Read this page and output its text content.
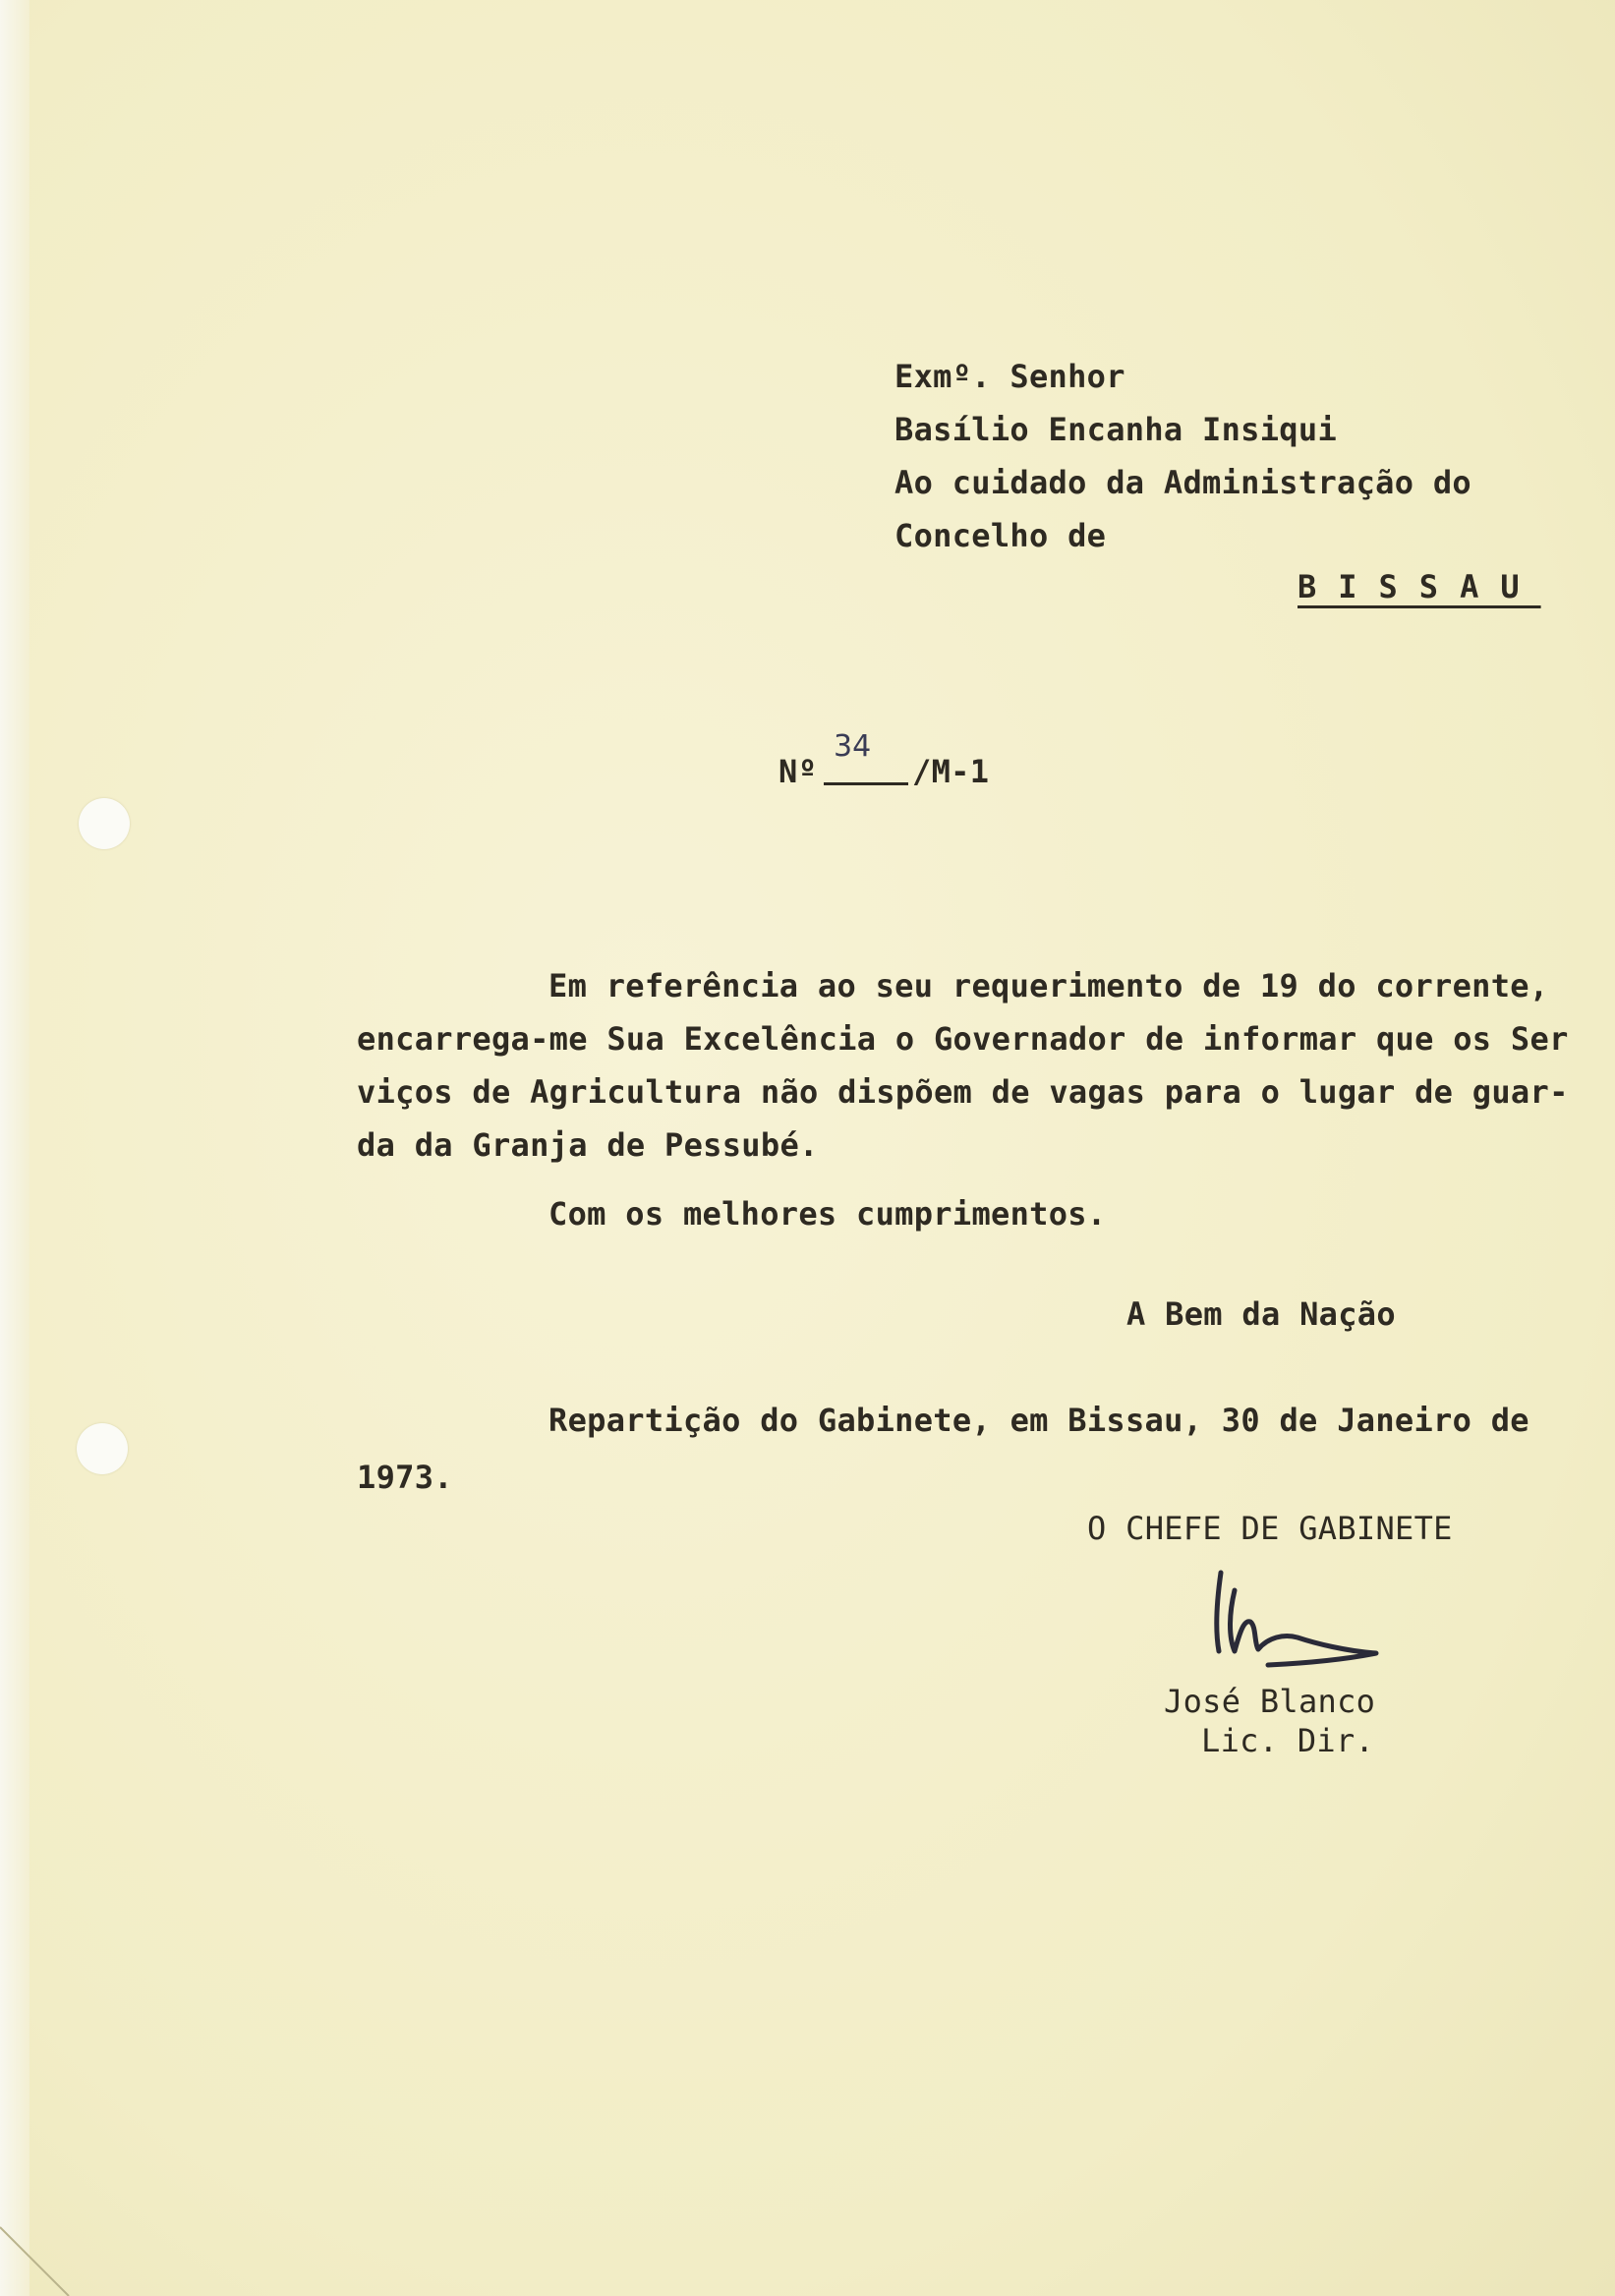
Exmº. Senhor
Basílio Encanha Insiqui
Ao cuidado da Administração do
Concelho de
BISSAU
Nº
34
/M-1
Em referência ao seu requerimento de 19 do corrente,
encarrega-me Sua Excelência o Governador de informar que os Ser
viços de Agricultura não dispõem de vagas para o lugar de guar-
da da Granja de Pessubé.
Com os melhores cumprimentos.
A Bem da Nação
Repartição do Gabinete, em Bissau, 30 de Janeiro de
1973.
O CHEFE DE GABINETE
José Blanco
Lic. Dir.
